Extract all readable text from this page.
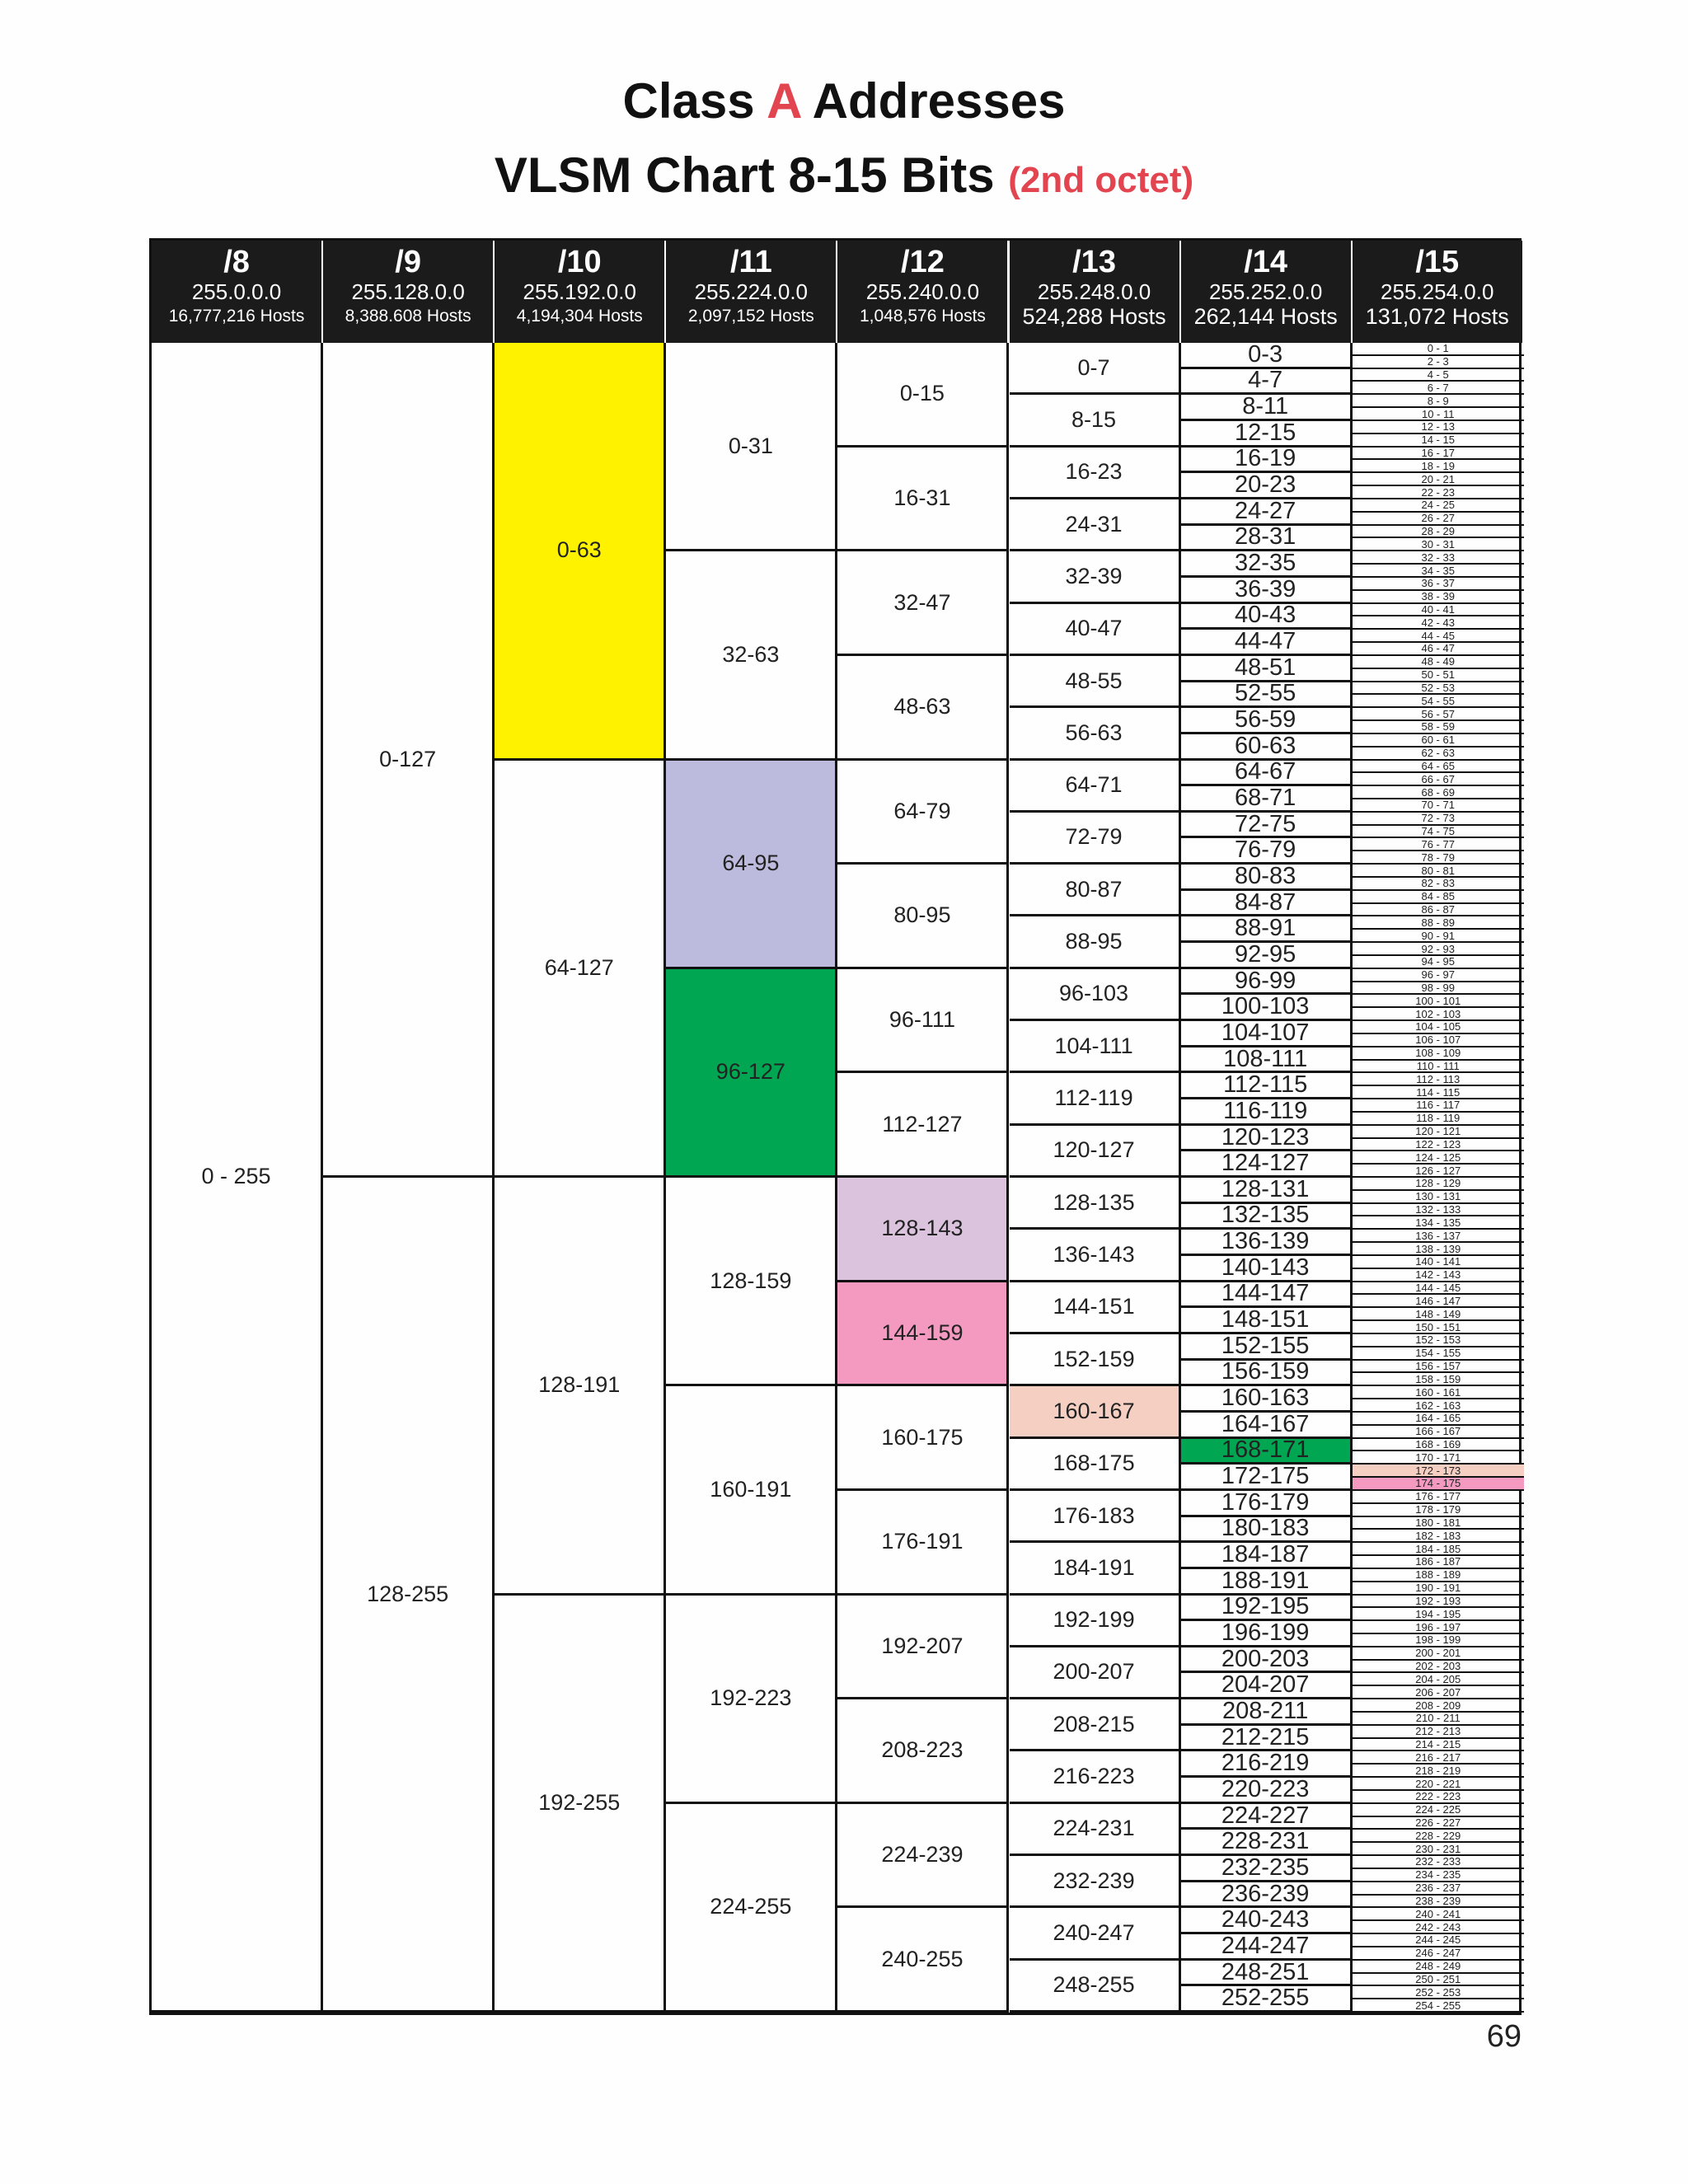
Class A Addresses
VLSM Chart 8-15 Bits (2nd octet)
/8
255.0.0.0
16,777,216 Hosts
/9
255.128.0.0
8,388.608 Hosts
/10
255.192.0.0
4,194,304 Hosts
/11
255.224.0.0
2,097,152 Hosts
/12
255.240.0.0
1,048,576 Hosts
/13
255.248.0.0
524,288 Hosts
/14
255.252.0.0
262,144 Hosts
/15
255.254.0.0
131,072 Hosts
0 - 255
0-127
128-255
0-63
64-127
128-191
192-255
0-31
32-63
64-95
96-127
128-159
160-191
192-223
224-255
0-15
16-31
32-47
48-63
64-79
80-95
96-111
112-127
128-143
144-159
160-175
176-191
192-207
208-223
224-239
240-255
0-7
8-15
16-23
24-31
32-39
40-47
48-55
56-63
64-71
72-79
80-87
88-95
96-103
104-111
112-119
120-127
128-135
136-143
144-151
152-159
160-167
168-175
176-183
184-191
192-199
200-207
208-215
216-223
224-231
232-239
240-247
248-255
0-3
4-7
8-11
12-15
16-19
20-23
24-27
28-31
32-35
36-39
40-43
44-47
48-51
52-55
56-59
60-63
64-67
68-71
72-75
76-79
80-83
84-87
88-91
92-95
96-99
100-103
104-107
108-111
112-115
116-119
120-123
124-127
128-131
132-135
136-139
140-143
144-147
148-151
152-155
156-159
160-163
164-167
168-171
172-175
176-179
180-183
184-187
188-191
192-195
196-199
200-203
204-207
208-211
212-215
216-219
220-223
224-227
228-231
232-235
236-239
240-243
244-247
248-251
252-255
0 - 1
2 - 3
4 - 5
6 - 7
8 - 9
10 - 11
12 - 13
14 - 15
16 - 17
18 - 19
20 - 21
22 - 23
24 - 25
26 - 27
28 - 29
30 - 31
32 - 33
34 - 35
36 - 37
38 - 39
40 - 41
42 - 43
44 - 45
46 - 47
48 - 49
50 - 51
52 - 53
54 - 55
56 - 57
58 - 59
60 - 61
62 - 63
64 - 65
66 - 67
68 - 69
70 - 71
72 - 73
74 - 75
76 - 77
78 - 79
80 - 81
82 - 83
84 - 85
86 - 87
88 - 89
90 - 91
92 - 93
94 - 95
96 - 97
98 - 99
100 - 101
102 - 103
104 - 105
106 - 107
108 - 109
110 - 111
112 - 113
114 - 115
116 - 117
118 - 119
120 - 121
122 - 123
124 - 125
126 - 127
128 - 129
130 - 131
132 - 133
134 - 135
136 - 137
138 - 139
140 - 141
142 - 143
144 - 145
146 - 147
148 - 149
150 - 151
152 - 153
154 - 155
156 - 157
158 - 159
160 - 161
162 - 163
164 - 165
166 - 167
168 - 169
170 - 171
172 - 173
174 - 175
176 - 177
178 - 179
180 - 181
182 - 183
184 - 185
186 - 187
188 - 189
190 - 191
192 - 193
194 - 195
196 - 197
198 - 199
200 - 201
202 - 203
204 - 205
206 - 207
208 - 209
210 - 211
212 - 213
214 - 215
216 - 217
218 - 219
220 - 221
222 - 223
224 - 225
226 - 227
228 - 229
230 - 231
232 - 233
234 - 235
236 - 237
238 - 239
240 - 241
242 - 243
244 - 245
246 - 247
248 - 249
250 - 251
252 - 253
254 - 255
69
